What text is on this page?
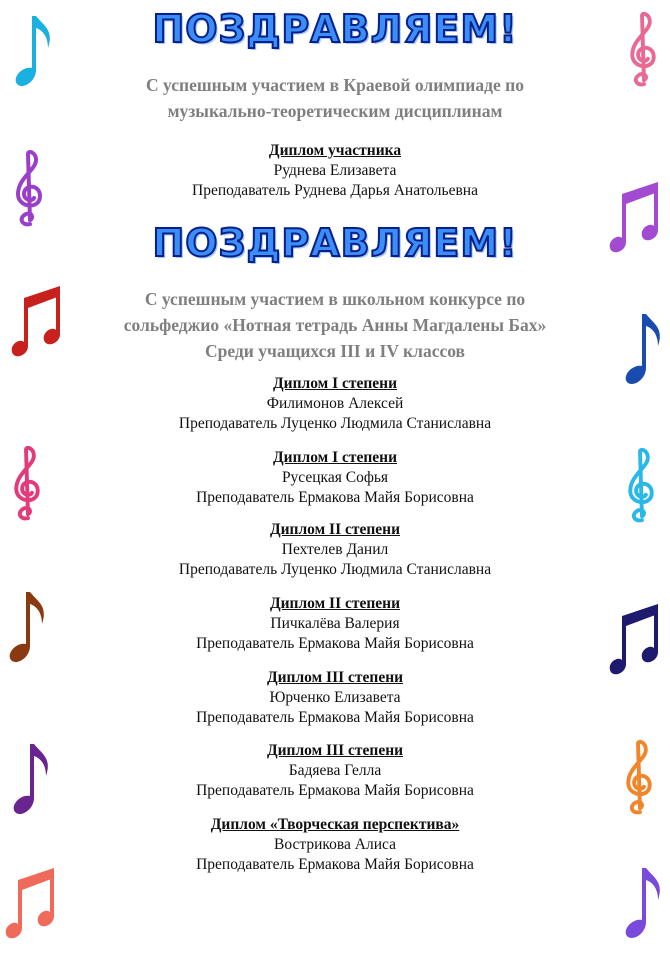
ПОЗДРАВЛЯЕМ!
ПОЗДРАВЛЯЕМ!
С успешным участием в Краевой олимпиаде по
музыкально-теоретическим дисциплинам
Диплом участника
Руднева Елизавета
Преподаватель Руднева Дарья Анатольевна
С успешным участием в школьном конкурсе по
сольфеджио «Нотная тетрадь Анны Магдалены Бах»
Среди учащихся III и IV классов
Диплом I степени
Филимонов Алексей
Преподаватель Луценко Людмила Станиславна
Диплом I степени
Русецкая Софья
Преподаватель Ермакова Майя Борисовна
Диплом II степени
Пехтелев Данил
Преподаватель Луценко Людмила Станиславна
Диплом II степени
Пичкалёва Валерия
Преподаватель Ермакова Майя Борисовна
Диплом III степени
Юрченко Елизавета
Преподаватель Ермакова Майя Борисовна
Диплом III степени
Бадяева Гелла
Преподаватель Ермакова Майя Борисовна
Диплом «Творческая перспектива»
Вострикова Алиса
Преподаватель Ермакова Майя Борисовна
